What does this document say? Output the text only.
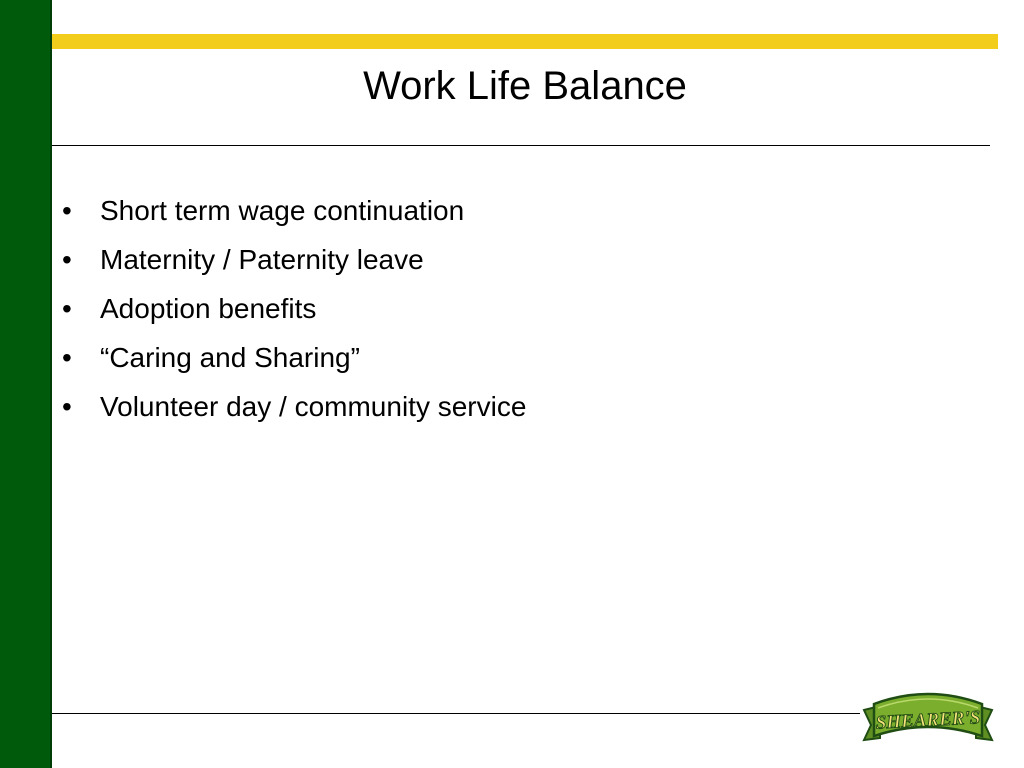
Work Life Balance
• Short term wage continuation
• Maternity / Paternity leave
• Adoption benefits
• “Caring and Sharing”
• Volunteer day / community service
SHEARER'S
